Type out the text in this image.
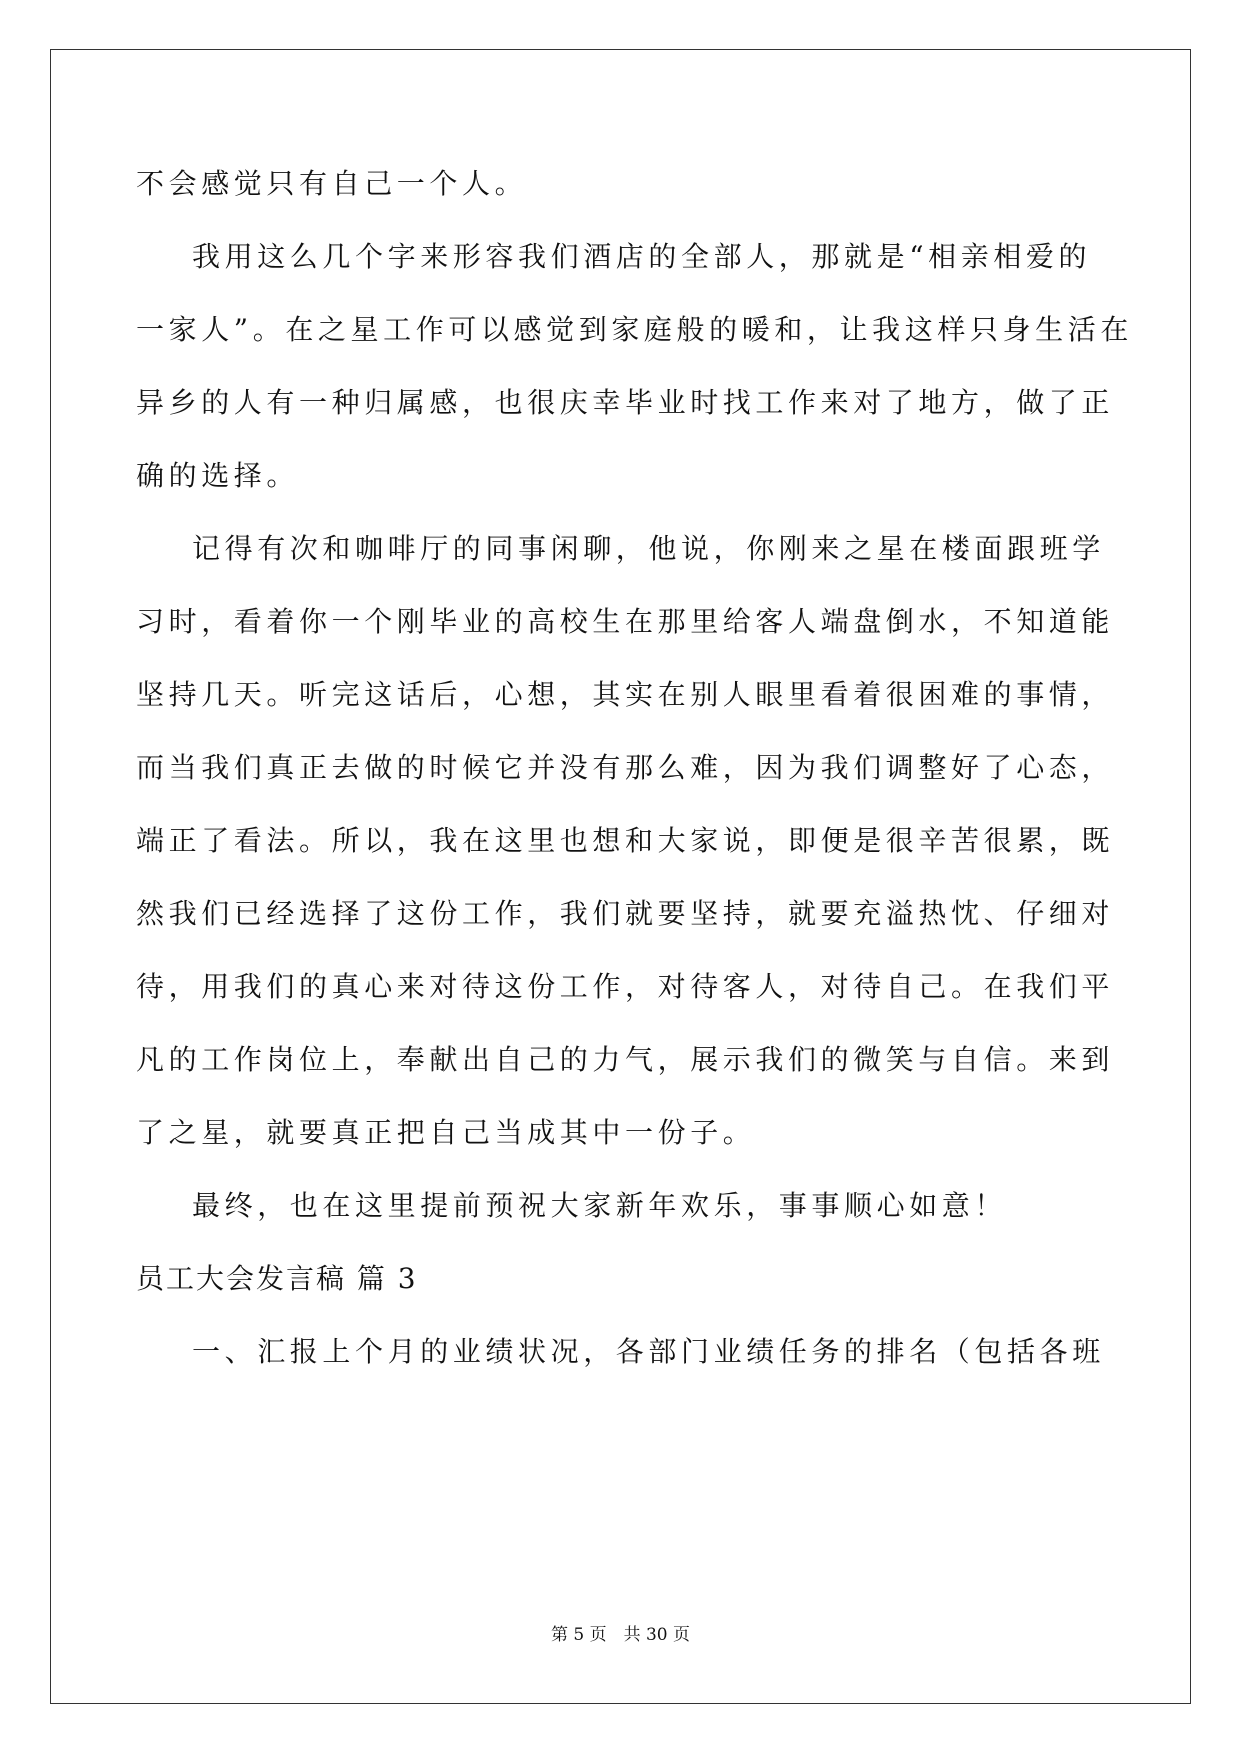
不会感觉只有自己一个人。
我用这么几个字来形容我们酒店的全部人，那就是“相亲相爱的
一家人”。在之星工作可以感觉到家庭般的暖和，让我这样只身生活在
异乡的人有一种归属感，也很庆幸毕业时找工作来对了地方，做了正
确的选择。
记得有次和咖啡厅的同事闲聊，他说，你刚来之星在楼面跟班学
习时，看着你一个刚毕业的高校生在那里给客人端盘倒水，不知道能
坚持几天。听完这话后，心想，其实在别人眼里看着很困难的事情，
而当我们真正去做的时候它并没有那么难，因为我们调整好了心态，
端正了看法。所以，我在这里也想和大家说，即便是很辛苦很累，既
然我们已经选择了这份工作，我们就要坚持，就要充溢热忱、仔细对
待，用我们的真心来对待这份工作，对待客人，对待自己。在我们平
凡的工作岗位上，奉献出自己的力气，展示我们的微笑与自信。来到
了之星，就要真正把自己当成其中一份子。
最终，也在这里提前预祝大家新年欢乐，事事顺心如意！
员工大会发言稿 篇 3
一、汇报上个月的业绩状况，各部门业绩任务的排名（包括各班
第 5 页　共 30 页
